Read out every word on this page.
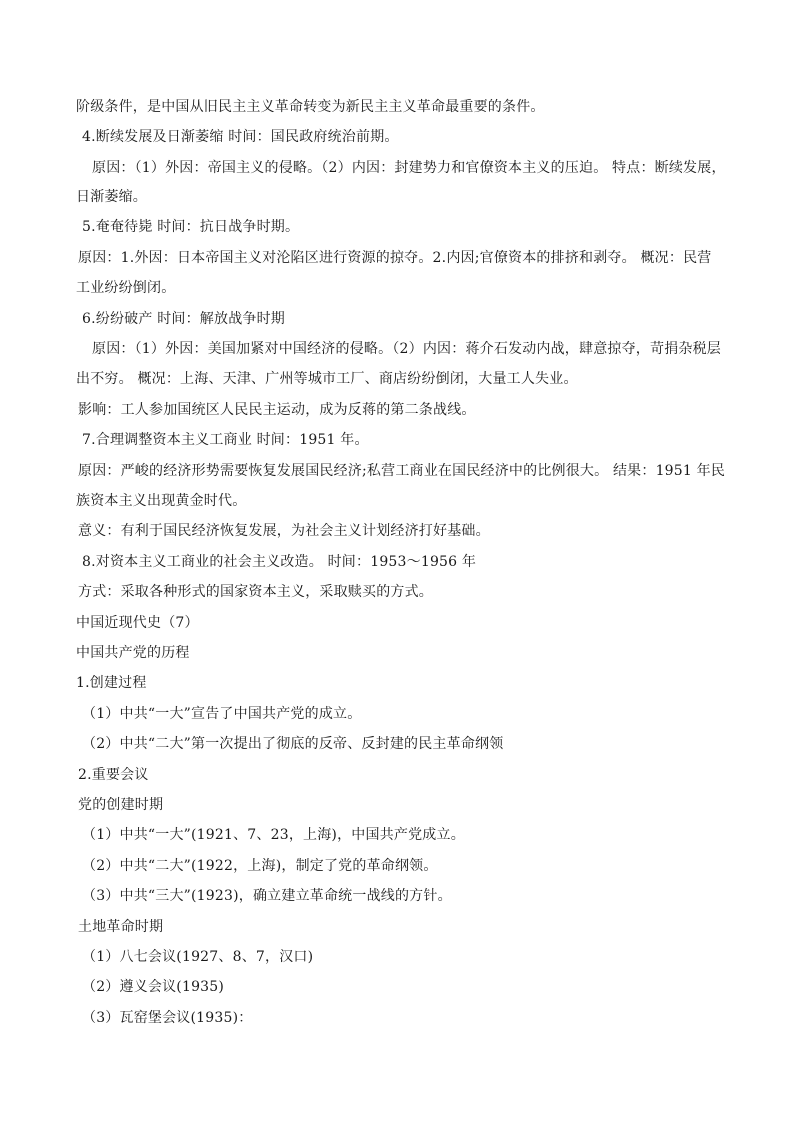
阶级条件，是中国从旧民主主义革命转变为新民主主义革命最重要的条件。
4.断续发展及日渐萎缩 时间：国民政府统治前期。
原因：（1）外因：帝国主义的侵略。（2）内因：封建势力和官僚资本主义的压迫。 特点：断续发展，
日渐萎缩。
5.奄奄待毙 时间：抗日战争时期。
原因：1.外因：日本帝国主义对沦陷区进行资源的掠夺。2.内因;官僚资本的排挤和剥夺。 概况：民营
工业纷纷倒闭。
6.纷纷破产 时间：解放战争时期
原因：（1）外因：美国加紧对中国经济的侵略。（2）内因：蒋介石发动内战，肆意掠夺，苛捐杂税层
出不穷。 概况：上海、天津、广州等城市工厂、商店纷纷倒闭，大量工人失业。
影响：工人参加国统区人民民主运动，成为反蒋的第二条战线。
7.合理调整资本主义工商业 时间：1951 年。
原因：严峻的经济形势需要恢复发展国民经济;私营工商业在国民经济中的比例很大。 结果：1951 年民
族资本主义出现黄金时代。
意义：有利于国民经济恢复发展，为社会主义计划经济打好基础。
8.对资本主义工商业的社会主义改造。 时间：1953～1956 年
方式：采取各种形式的国家资本主义，采取赎买的方式。
中国近现代史（7）
中国共产党的历程
1.创建过程
（1）中共“一大”宣告了中国共产党的成立。
（2）中共“二大”第一次提出了彻底的反帝、反封建的民主革命纲领
2.重要会议
党的创建时期
（1）中共“一大”(1921、7、23，上海)，中国共产党成立。
（2）中共“二大”(1922，上海)，制定了党的革命纲领。
（3）中共“三大”(1923)，确立建立革命统一战线的方针。
土地革命时期
（1）八七会议(1927、8、7，汉口)
（2）遵义会议(1935)
（3）瓦窑堡会议(1935)：
